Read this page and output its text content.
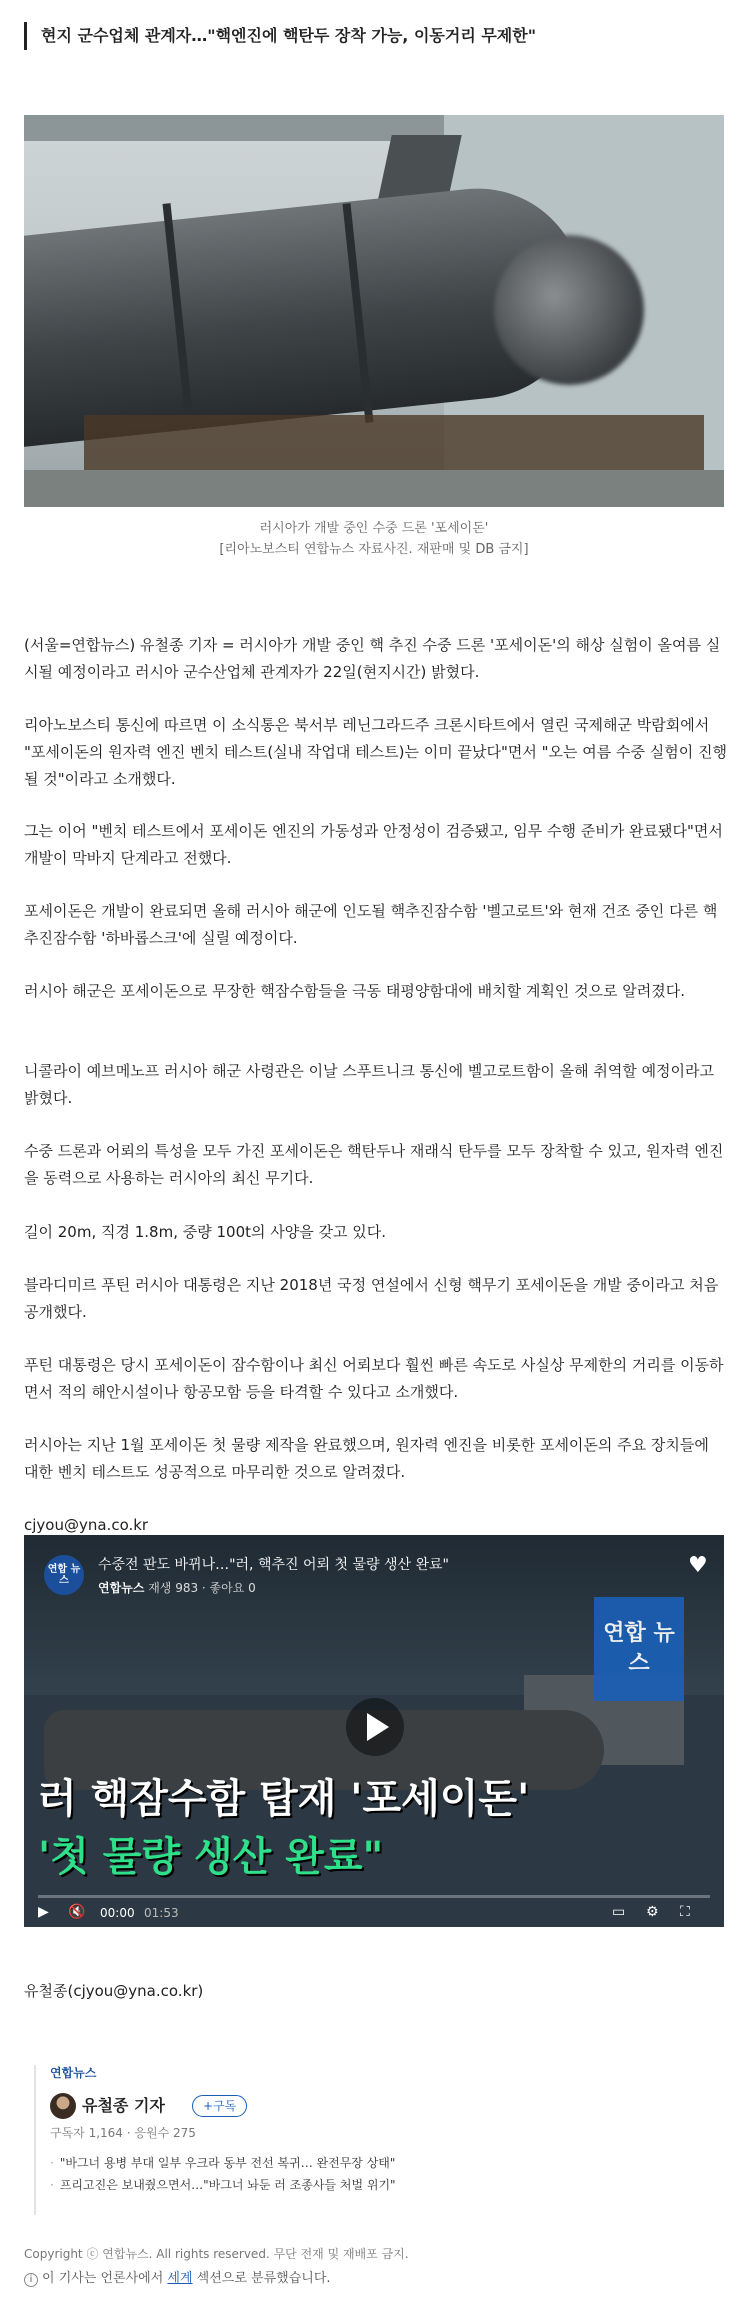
현지 군수업체 관계자…"핵엔진에 핵탄두 장착 가능, 이동거리 무제한"
러시아가 개발 중인 수중 드론 '포세이돈'
[리아노보스티 연합뉴스 자료사진. 재판매 및 DB 금지]

(서울=연합뉴스) 유철종 기자 = 러시아가 개발 중인 핵 추진 수중 드론 '포세이돈'의 해상 실험이 올여름 실시될 예정이라고 러시아 군수산업체 관계자가 22일(현지시간) 밝혔다.

리아노보스티 통신에 따르면 이 소식통은 북서부 레닌그라드주 크론시타트에서 열린 국제해군 박람회에서 "포세이돈의 원자력 엔진 벤치 테스트(실내 작업대 테스트)는 이미 끝났다"면서 "오는 여름 수중 실험이 진행될 것"이라고 소개했다.

그는 이어 "벤치 테스트에서 포세이돈 엔진의 가동성과 안정성이 검증됐고, 임무 수행 준비가 완료됐다"면서 개발이 막바지 단계라고 전했다.

포세이돈은 개발이 완료되면 올해 러시아 해군에 인도될 핵추진잠수함 '벨고로트'와 현재 건조 중인 다른 핵추진잠수함 '하바롭스크'에 실릴 예정이다.

러시아 해군은 포세이돈으로 무장한 핵잠수함들을 극동 태평양함대에 배치할 계획인 것으로 알려졌다.

니콜라이 예브메노프 러시아 해군 사령관은 이날 스푸트니크 통신에 벨고로트함이 올해 취역할 예정이라고 밝혔다.

수중 드론과 어뢰의 특성을 모두 가진 포세이돈은 핵탄두나 재래식 탄두를 모두 장착할 수 있고, 원자력 엔진을 동력으로 사용하는 러시아의 최신 무기다.

길이 20m, 직경 1.8m, 중량 100t의 사양을 갖고 있다.

블라디미르 푸틴 러시아 대통령은 지난 2018년 국정 연설에서 신형 핵무기 포세이돈을 개발 중이라고 처음 공개했다.

푸틴 대통령은 당시 포세이돈이 잠수함이나 최신 어뢰보다 훨씬 빠른 속도로 사실상 무제한의 거리를 이동하면서 적의 해안시설이나 항공모함 등을 타격할 수 있다고 소개했다.

러시아는 지난 1월 포세이돈 첫 물량 제작을 완료했으며, 원자력 엔진을 비롯한 포세이돈의 주요 장치들에 대한 벤치 테스트도 성공적으로 마무리한 것으로 알려졌다.

cjyou@yna.co.kr

연합 뉴스
수중전 판도 바뀌나…"러, 핵추진 어뢰 첫 물량 생산 완료"
연합뉴스 재생 983 · 좋아요 0
♥
연합 뉴스
러 핵잠수함 탑재 '포세이돈'
'첫 물량 생산 완료"
▶ 🔇 00:00 01:53	▭ ⚙ ⛶

유철종(cjyou@yna.co.kr)

연합뉴스
유철종 기자	+구독
구독자 1,164 · 응원수 275
· "바그너 용병 부대 일부 우크라 동부 전선 복귀… 완전무장 상태"
· 프리고진은 보내줬으면서…"바그너 놔둔 러 조종사들 처벌 위기"
Copyright ⓒ 연합뉴스. All rights reserved. 무단 전재 및 재배포 금지.
i 이 기사는 언론사에서 세계 섹션으로 분류했습니다.
